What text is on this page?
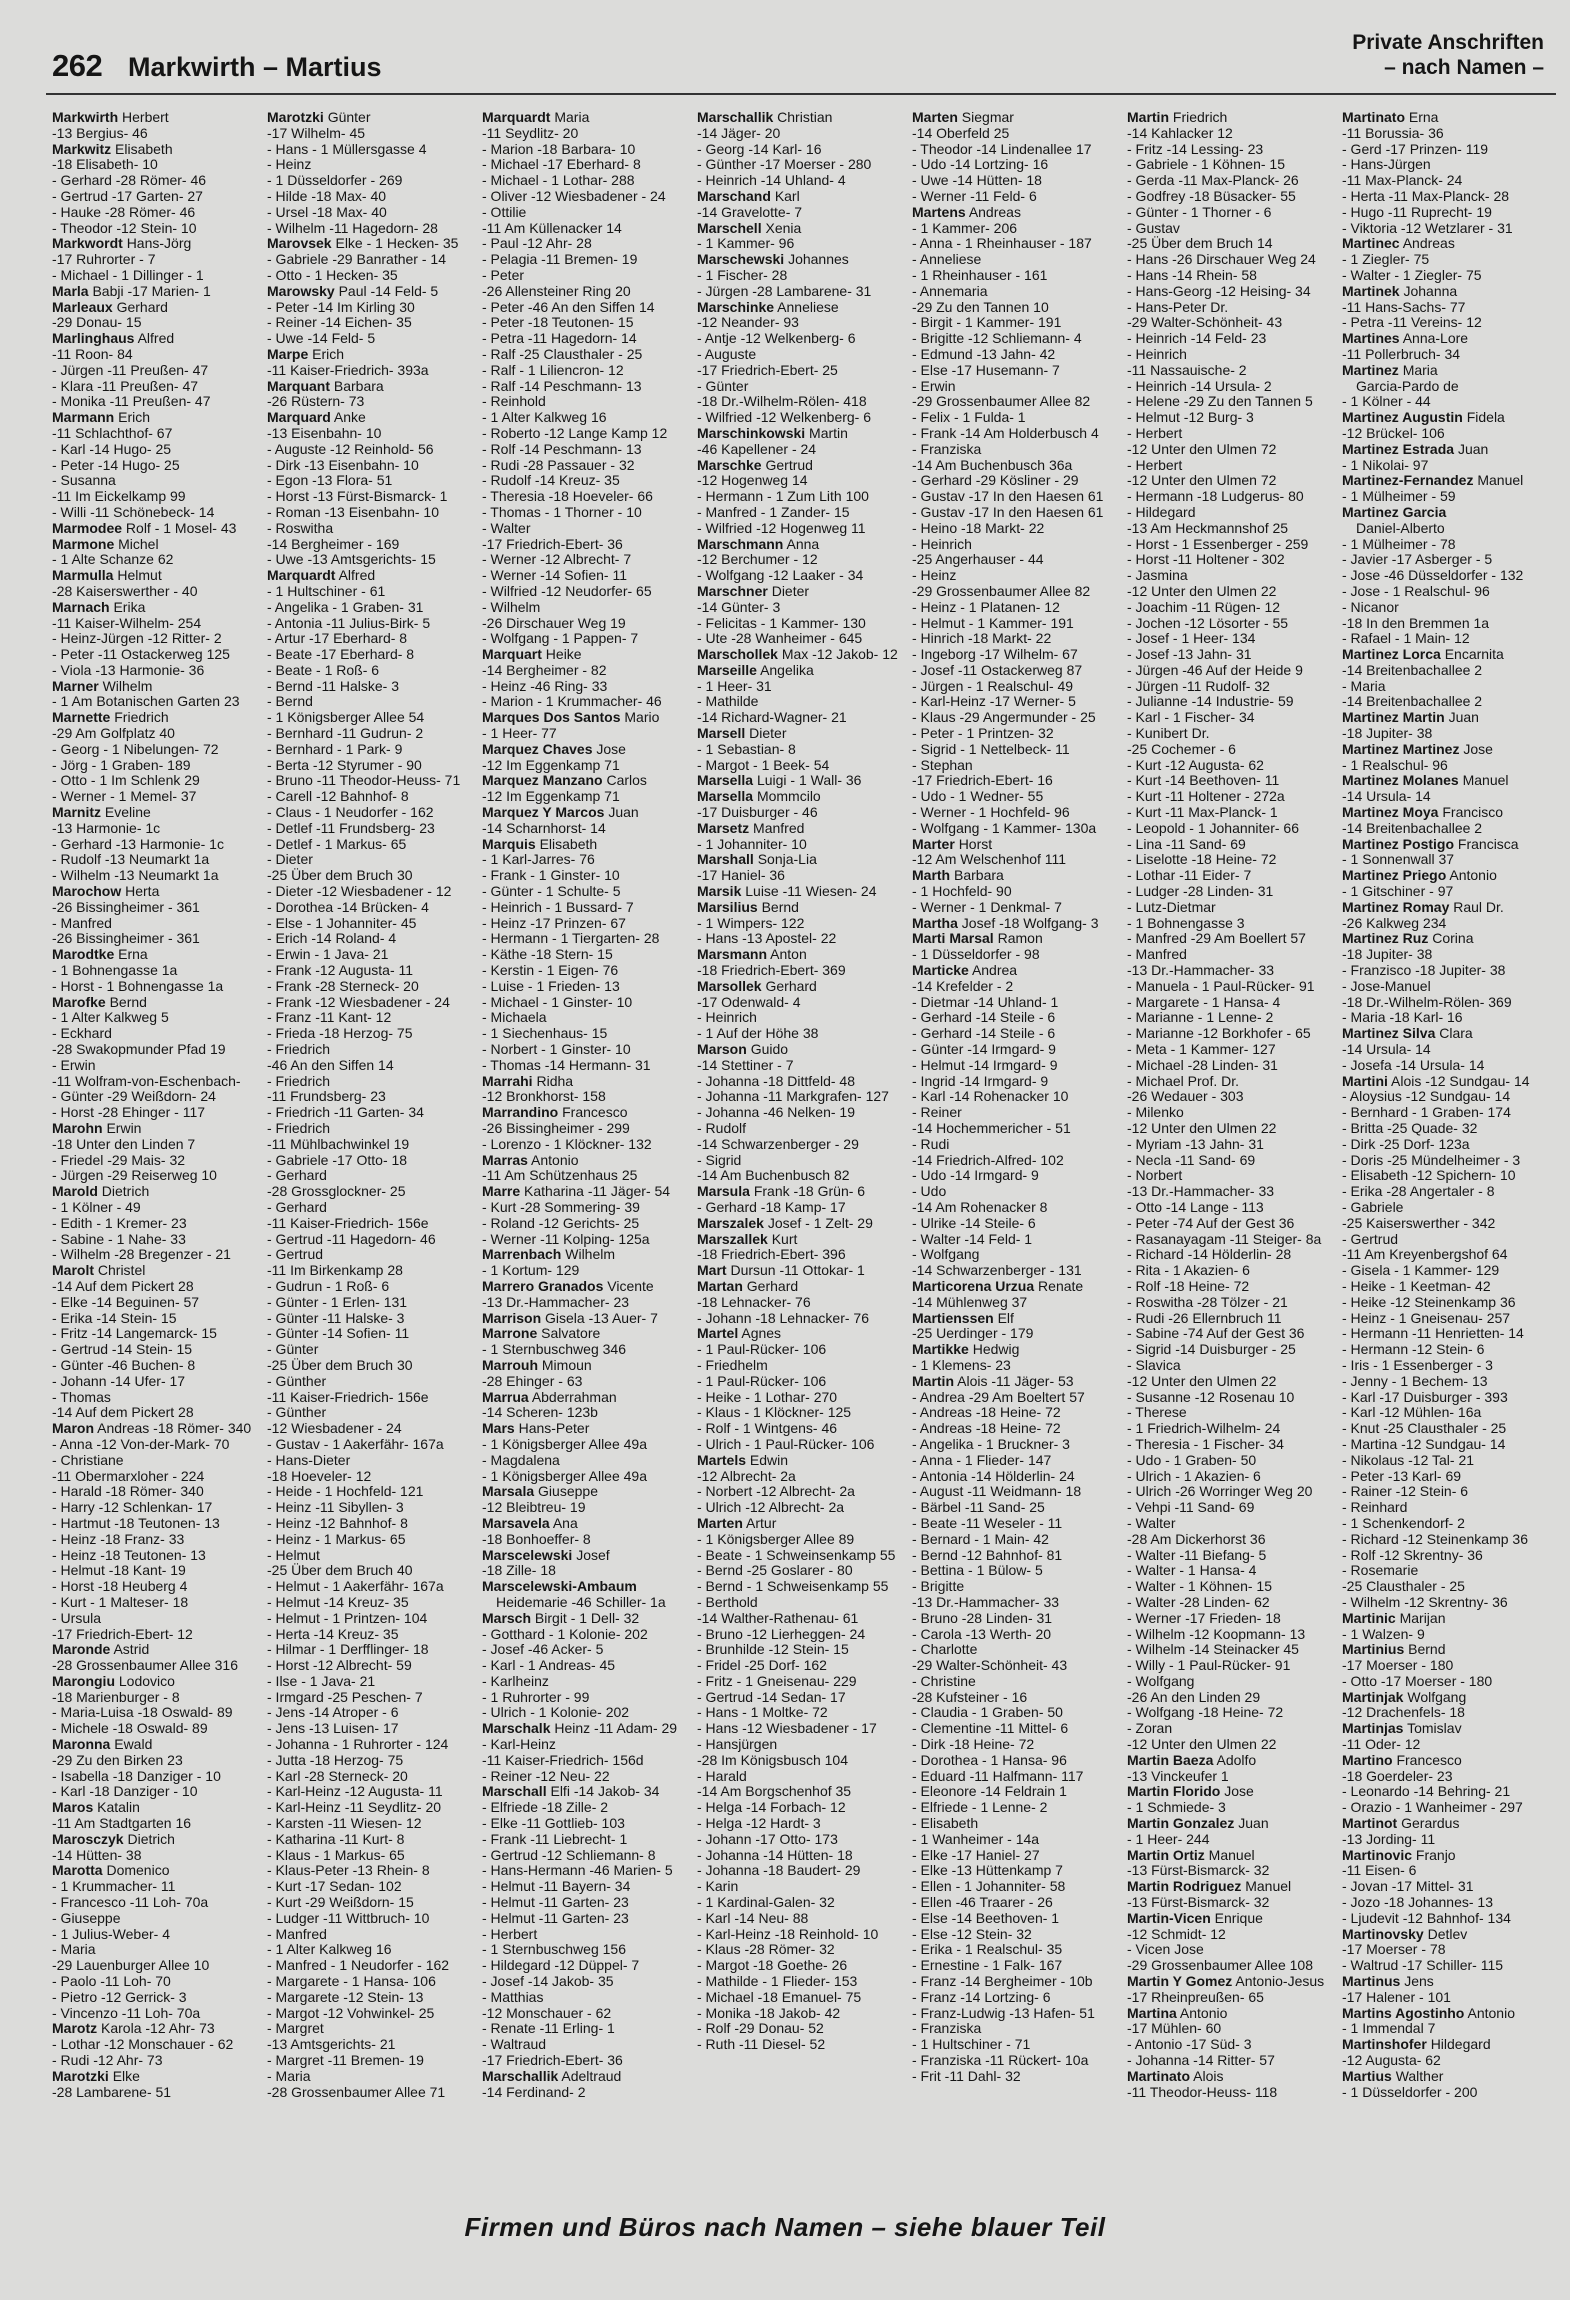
262 Markwirth – Martius
Private Anschriften
– nach Namen –
Markwirth Herbert
-13 Bergius- 46
Markwitz Elisabeth
-18 Elisabeth- 10
- Gerhard -28 Römer- 46
- Gertrud -17 Garten- 27
- Hauke -28 Römer- 46
- Theodor -12 Stein- 10
Markwordt Hans-Jörg
-17 Ruhrorter - 7
- Michael - 1 Dillinger - 1
Marla Babji -17 Marien- 1
Marleaux Gerhard
-29 Donau- 15
Marlinghaus Alfred
-11 Roon- 84
- Jürgen -11 Preußen- 47
- Klara -11 Preußen- 47
- Monika -11 Preußen- 47
Marmann Erich
-11 Schlachthof- 67
- Karl -14 Hugo- 25
- Peter -14 Hugo- 25
- Susanna
-11 Im Eickelkamp 99
- Willi -11 Schönebeck- 14
Marmodee Rolf - 1 Mosel- 43
Marmone Michel
- 1 Alte Schanze 62
Marmulla Helmut
-28 Kaiserswerther - 40
Marnach Erika
-11 Kaiser-Wilhelm- 254
- Heinz-Jürgen -12 Ritter- 2
- Peter -11 Ostackerweg 125
- Viola -13 Harmonie- 36
Marner Wilhelm
- 1 Am Botanischen Garten 23
Marnette Friedrich
-29 Am Golfplatz 40
- Georg - 1 Nibelungen- 72
- Jörg - 1 Graben- 189
- Otto - 1 Im Schlenk 29
- Werner - 1 Memel- 37
Marnitz Eveline
-13 Harmonie- 1c
- Gerhard -13 Harmonie- 1c
- Rudolf -13 Neumarkt 1a
- Wilhelm -13 Neumarkt 1a
Marochow Herta
-26 Bissingheimer - 361
- Manfred
-26 Bissingheimer - 361
Marodtke Erna
- 1 Bohnengasse 1a
- Horst - 1 Bohnengasse 1a
Marofke Bernd
- 1 Alter Kalkweg 5
- Eckhard
-28 Swakopmunder Pfad 19
- Erwin
-11 Wolfram-von-Eschenbach-
- Günter -29 Weißdorn- 24
- Horst -28 Ehinger - 117
Marohn Erwin
-18 Unter den Linden 7
- Friedel -29 Mais- 32
- Jürgen -29 Reiserweg 10
Marold Dietrich
- 1 Kölner - 49
- Edith - 1 Kremer- 23
- Sabine - 1 Nahe- 33
- Wilhelm -28 Bregenzer - 21
Marolt Christel
-14 Auf dem Pickert 28
- Elke -14 Beguinen- 57
- Erika -14 Stein- 15
- Fritz -14 Langemarck- 15
- Gertrud -14 Stein- 15
- Günter -46 Buchen- 8
- Johann -14 Ufer- 17
- Thomas
-14 Auf dem Pickert 28
Maron Andreas -18 Römer- 340
- Anna -12 Von-der-Mark- 70
- Christiane
-11 Obermarxloher - 224
- Harald -18 Römer- 340
- Harry -12 Schlenkan- 17
- Hartmut -18 Teutonen- 13
- Heinz -18 Franz- 33
- Heinz -18 Teutonen- 13
- Helmut -18 Kant- 19
- Horst -18 Heuberg 4
- Kurt - 1 Malteser- 18
- Ursula
-17 Friedrich-Ebert- 12
Maronde Astrid
-28 Grossenbaumer Allee 316
Marongiu Lodovico
-18 Marienburger - 8
- Maria-Luisa -18 Oswald- 89
- Michele -18 Oswald- 89
Maronna Ewald
-29 Zu den Birken 23
- Isabella -18 Danziger - 10
- Karl -18 Danziger - 10
Maros Katalin
-11 Am Stadtgarten 16
Marosczyk Dietrich
-14 Hütten- 38
Marotta Domenico
- 1 Krummacher- 11
- Francesco -11 Loh- 70a
- Giuseppe
- 1 Julius-Weber- 4
- Maria
-29 Lauenburger Allee 10
- Paolo -11 Loh- 70
- Pietro -12 Gerrick- 3
- Vincenzo -11 Loh- 70a
Marotz Karola -12 Ahr- 73
- Lothar -12 Monschauer - 62
- Rudi -12 Ahr- 73
Marotzki Elke
-28 Lambarene- 51
Marotzki Günter
-17 Wilhelm- 45
- Hans - 1 Müllersgasse 4
- Heinz
- 1 Düsseldorfer - 269
- Hilde -18 Max- 40
- Ursel -18 Max- 40
- Wilhelm -11 Hagedorn- 28
Marovsek Elke - 1 Hecken- 35
- Gabriele -29 Banrather - 14
- Otto - 1 Hecken- 35
Marowsky Paul -14 Feld- 5
- Peter -14 Im Kirling 30
- Reiner -14 Eichen- 35
- Uwe -14 Feld- 5
Marpe Erich
-11 Kaiser-Friedrich- 393a
Marquant Barbara
-26 Rüstern- 73
Marquard Anke
-13 Eisenbahn- 10
- Auguste -12 Reinhold- 56
- Dirk -13 Eisenbahn- 10
- Egon -13 Flora- 51
- Horst -13 Fürst-Bismarck- 1
- Roman -13 Eisenbahn- 10
- Roswitha
-14 Bergheimer - 169
- Uwe -13 Amtsgerichts- 15
Marquardt Alfred
- 1 Hultschiner - 61
- Angelika - 1 Graben- 31
- Antonia -11 Julius-Birk- 5
- Artur -17 Eberhard- 8
- Beate -17 Eberhard- 8
- Beate - 1 Roß- 6
- Bernd -11 Halske- 3
- Bernd
- 1 Königsberger Allee 54
- Bernhard -11 Gudrun- 2
- Bernhard - 1 Park- 9
- Berta -12 Styrumer - 90
- Bruno -11 Theodor-Heuss- 71
- Carell -12 Bahnhof- 8
- Claus - 1 Neudorfer - 162
- Detlef -11 Frundsberg- 23
- Detlef - 1 Markus- 65
- Dieter
-25 Über dem Bruch 30
- Dieter -12 Wiesbadener - 12
- Dorothea -14 Brücken- 4
- Else - 1 Johanniter- 45
- Erich -14 Roland- 4
- Erwin - 1 Java- 21
- Frank -12 Augusta- 11
- Frank -28 Sterneck- 20
- Frank -12 Wiesbadener - 24
- Franz -11 Kant- 12
- Frieda -18 Herzog- 75
- Friedrich
-46 An den Siffen 14
- Friedrich
-11 Frundsberg- 23
- Friedrich -11 Garten- 34
- Friedrich
-11 Mühlbachwinkel 19
- Gabriele -17 Otto- 18
- Gerhard
-28 Grossglockner- 25
- Gerhard
-11 Kaiser-Friedrich- 156e
- Gertrud -11 Hagedorn- 46
- Gertrud
-11 Im Birkenkamp 28
- Gudrun - 1 Roß- 6
- Günter - 1 Erlen- 131
- Günter -11 Halske- 3
- Günter -14 Sofien- 11
- Günter
-25 Über dem Bruch 30
- Günther
-11 Kaiser-Friedrich- 156e
- Günther
-12 Wiesbadener - 24
- Gustav - 1 Aakerfähr- 167a
- Hans-Dieter
-18 Hoeveler- 12
- Heide - 1 Hochfeld- 121
- Heinz -11 Sibyllen- 3
- Heinz -12 Bahnhof- 8
- Heinz - 1 Markus- 65
- Helmut
-25 Über dem Bruch 40
- Helmut - 1 Aakerfähr- 167a
- Helmut -14 Kreuz- 35
- Helmut - 1 Printzen- 104
- Herta -14 Kreuz- 35
- Hilmar - 1 Derfflinger- 18
- Horst -12 Albrecht- 59
- Ilse - 1 Java- 21
- Irmgard -25 Peschen- 7
- Jens -14 Atroper - 6
- Jens -13 Luisen- 17
- Johanna - 1 Ruhrorter - 124
- Jutta -18 Herzog- 75
- Karl -28 Sterneck- 20
- Karl-Heinz -12 Augusta- 11
- Karl-Heinz -11 Seydlitz- 20
- Karsten -11 Wiesen- 12
- Katharina -11 Kurt- 8
- Klaus - 1 Markus- 65
- Klaus-Peter -13 Rhein- 8
- Kurt -17 Sedan- 102
- Kurt -29 Weißdorn- 15
- Ludger -11 Wittbruch- 10
- Manfred
- 1 Alter Kalkweg 16
- Manfred - 1 Neudorfer - 162
- Margarete - 1 Hansa- 106
- Margarete -12 Stein- 13
- Margot -12 Vohwinkel- 25
- Margret
-13 Amtsgerichts- 21
- Margret -11 Bremen- 19
- Maria
-28 Grossenbaumer Allee 71
Marquardt Maria
-11 Seydlitz- 20
- Marion -18 Barbara- 10
- Michael -17 Eberhard- 8
- Michael - 1 Lothar- 288
- Oliver -12 Wiesbadener - 24
- Ottilie
-11 Am Küllenacker 14
- Paul -12 Ahr- 28
- Pelagia -11 Bremen- 19
- Peter
-26 Allensteiner Ring 20
- Peter -46 An den Siffen 14
- Peter -18 Teutonen- 15
- Petra -11 Hagedorn- 14
- Ralf -25 Clausthaler - 25
- Ralf - 1 Liliencron- 12
- Ralf -14 Peschmann- 13
- Reinhold
- 1 Alter Kalkweg 16
- Roberto -12 Lange Kamp 12
- Rolf -14 Peschmann- 13
- Rudi -28 Passauer - 32
- Rudolf -14 Kreuz- 35
- Theresia -18 Hoeveler- 66
- Thomas - 1 Thorner - 10
- Walter
-17 Friedrich-Ebert- 36
- Werner -12 Albrecht- 7
- Werner -14 Sofien- 11
- Wilfried -12 Neudorfer- 65
- Wilhelm
-26 Dirschauer Weg 19
- Wolfgang - 1 Pappen- 7
Marquart Heike
-14 Bergheimer - 82
- Heinz -46 Ring- 33
- Marion - 1 Krummacher- 46
Marques Dos Santos Mario
- 1 Heer- 77
Marquez Chaves Jose
-12 Im Eggenkamp 71
Marquez Manzano Carlos
-12 Im Eggenkamp 71
Marquez Y Marcos Juan
-14 Scharnhorst- 14
Marquis Elisabeth
- 1 Karl-Jarres- 76
- Frank - 1 Ginster- 10
- Günter - 1 Schulte- 5
- Heinrich - 1 Bussard- 7
- Heinz -17 Prinzen- 67
- Hermann - 1 Tiergarten- 28
- Käthe -18 Stern- 15
- Kerstin - 1 Eigen- 76
- Luise - 1 Frieden- 13
- Michael - 1 Ginster- 10
- Michaela
- 1 Siechenhaus- 15
- Norbert - 1 Ginster- 10
- Thomas -14 Hermann- 31
Marrahi Ridha
-12 Bronkhorst- 158
Marrandino Francesco
-26 Bissingheimer - 299
- Lorenzo - 1 Klöckner- 132
Marras Antonio
-11 Am Schützenhaus 25
Marre Katharina -11 Jäger- 54
- Kurt -28 Sommering- 39
- Roland -12 Gerichts- 25
- Werner -11 Kolping- 125a
Marrenbach Wilhelm
- 1 Kortum- 129
Marrero Granados Vicente
-13 Dr.-Hammacher- 23
Marrison Gisela -13 Auer- 7
Marrone Salvatore
- 1 Sternbuschweg 346
Marrouh Mimoun
-28 Ehinger - 63
Marrua Abderrahman
-14 Scheren- 123b
Mars Hans-Peter
- 1 Königsberger Allee 49a
- Magdalena
- 1 Königsberger Allee 49a
Marsala Giuseppe
-12 Bleibtreu- 19
Marsavela Ana
-18 Bonhoeffer- 8
Marscelewski Josef
-18 Zille- 18
Marscelewski-Ambaum
Heidemarie -46 Schiller- 1a
Marsch Birgit - 1 Dell- 32
- Gotthard - 1 Kolonie- 202
- Josef -46 Acker- 5
- Karl - 1 Andreas- 45
- Karlheinz
- 1 Ruhrorter - 99
- Ulrich - 1 Kolonie- 202
Marschalk Heinz -11 Adam- 29
- Karl-Heinz
-11 Kaiser-Friedrich- 156d
- Reiner -12 Neu- 22
Marschall Elfi -14 Jakob- 34
- Elfriede -18 Zille- 2
- Elke -11 Gottlieb- 103
- Frank -11 Liebrecht- 1
- Gertrud -12 Schliemann- 8
- Hans-Hermann -46 Marien- 5
- Helmut -11 Bayern- 34
- Helmut -11 Garten- 23
- Helmut -11 Garten- 23
- Herbert
- 1 Sternbuschweg 156
- Hildegard -12 Düppel- 7
- Josef -14 Jakob- 35
- Matthias
-12 Monschauer - 62
- Renate -11 Erling- 1
- Waltraud
-17 Friedrich-Ebert- 36
Marschallik Adeltraud
-14 Ferdinand- 2
Marschallik Christian
-14 Jäger- 20
- Georg -14 Karl- 16
- Günther -17 Moerser - 280
- Heinrich -14 Uhland- 4
Marschand Karl
-14 Gravelotte- 7
Marschell Xenia
- 1 Kammer- 96
Marschewski Johannes
- 1 Fischer- 28
- Jürgen -28 Lambarene- 31
Marschinke Anneliese
-12 Neander- 93
- Antje -12 Welkenberg- 6
- Auguste
-17 Friedrich-Ebert- 25
- Günter
-18 Dr.-Wilhelm-Rölen- 418
- Wilfried -12 Welkenberg- 6
Marschinkowski Martin
-46 Kapellener - 24
Marschke Gertrud
-12 Hogenweg 14
- Hermann - 1 Zum Lith 100
- Manfred - 1 Zander- 15
- Wilfried -12 Hogenweg 11
Marschmann Anna
-12 Berchumer - 12
- Wolfgang -12 Laaker - 34
Marschner Dieter
-14 Günter- 3
- Felicitas - 1 Kammer- 130
- Ute -28 Wanheimer - 645
Marschollek Max -12 Jakob- 12
Marseille Angelika
- 1 Heer- 31
- Mathilde
-14 Richard-Wagner- 21
Marsell Dieter
- 1 Sebastian- 8
- Margot - 1 Beek- 54
Marsella Luigi - 1 Wall- 36
Marsella Mommcilo
-17 Duisburger - 46
Marsetz Manfred
- 1 Johanniter- 10
Marshall Sonja-Lia
-17 Haniel- 36
Marsik Luise -11 Wiesen- 24
Marsilius Bernd
- 1 Wimpers- 122
- Hans -13 Apostel- 22
Marsmann Anton
-18 Friedrich-Ebert- 369
Marsollek Gerhard
-17 Odenwald- 4
- Heinrich
- 1 Auf der Höhe 38
Marson Guido
-14 Stettiner - 7
- Johanna -18 Dittfeld- 48
- Johanna -11 Markgrafen- 127
- Johanna -46 Nelken- 19
- Rudolf
-14 Schwarzenberger - 29
- Sigrid
-14 Am Buchenbusch 82
Marsula Frank -18 Grün- 6
- Gerhard -18 Kamp- 17
Marszalek Josef - 1 Zelt- 29
Marszallek Kurt
-18 Friedrich-Ebert- 396
Mart Dursun -11 Ottokar- 1
Martan Gerhard
-18 Lehnacker- 76
- Johann -18 Lehnacker- 76
Martel Agnes
- 1 Paul-Rücker- 106
- Friedhelm
- 1 Paul-Rücker- 106
- Heike - 1 Lothar- 270
- Klaus - 1 Klöckner- 125
- Rolf - 1 Wintgens- 46
- Ulrich - 1 Paul-Rücker- 106
Martels Edwin
-12 Albrecht- 2a
- Norbert -12 Albrecht- 2a
- Ulrich -12 Albrecht- 2a
Marten Artur
- 1 Königsberger Allee 89
- Beate - 1 Schweinsenkamp 55
- Bernd -25 Goslarer - 80
- Bernd - 1 Schweisenkamp 55
- Berthold
-14 Walther-Rathenau- 61
- Bruno -12 Lierheggen- 24
- Brunhilde -12 Stein- 15
- Fridel -25 Dorf- 162
- Fritz - 1 Gneisenau- 229
- Gertrud -14 Sedan- 17
- Hans - 1 Moltke- 72
- Hans -12 Wiesbadener - 17
- Hansjürgen
-28 Im Königsbusch 104
- Harald
-14 Am Borgschenhof 35
- Helga -14 Forbach- 12
- Helga -12 Hardt- 3
- Johann -17 Otto- 173
- Johanna -14 Hütten- 18
- Johanna -18 Baudert- 29
- Karin
- 1 Kardinal-Galen- 32
- Karl -14 Neu- 88
- Karl-Heinz -18 Reinhold- 10
- Klaus -28 Römer- 32
- Margot -18 Goethe- 26
- Mathilde - 1 Flieder- 153
- Michael -18 Emanuel- 75
- Monika -18 Jakob- 42
- Rolf -29 Donau- 52
- Ruth -11 Diesel- 52
Marten Siegmar
-14 Oberfeld 25
- Theodor -14 Lindenallee 17
- Udo -14 Lortzing- 16
- Uwe -14 Hütten- 18
- Werner -11 Feld- 6
Martens Andreas
- 1 Kammer- 206
- Anna - 1 Rheinhauser - 187
- Anneliese
- 1 Rheinhauser - 161
- Annemaria
-29 Zu den Tannen 10
- Birgit - 1 Kammer- 191
- Brigitte -12 Schliemann- 4
- Edmund -13 Jahn- 42
- Else -17 Husemann- 7
- Erwin
-29 Grossenbaumer Allee 82
- Felix - 1 Fulda- 1
- Frank -14 Am Holderbusch 4
- Franziska
-14 Am Buchenbusch 36a
- Gerhard -29 Kösliner - 29
- Gustav -17 In den Haesen 61
- Gustav -17 In den Haesen 61
- Heino -18 Markt- 22
- Heinrich
-25 Angerhauser - 44
- Heinz
-29 Grossenbaumer Allee 82
- Heinz - 1 Platanen- 12
- Helmut - 1 Kammer- 191
- Hinrich -18 Markt- 22
- Ingeborg -17 Wilhelm- 67
- Josef -11 Ostackerweg 87
- Jürgen - 1 Realschul- 49
- Karl-Heinz -17 Werner- 5
- Klaus -29 Angermunder - 25
- Peter - 1 Printzen- 32
- Sigrid - 1 Nettelbeck- 11
- Stephan
-17 Friedrich-Ebert- 16
- Udo - 1 Wedner- 55
- Werner - 1 Hochfeld- 96
- Wolfgang - 1 Kammer- 130a
Marter Horst
-12 Am Welschenhof 111
Marth Barbara
- 1 Hochfeld- 90
- Werner - 1 Denkmal- 7
Martha Josef -18 Wolfgang- 3
Marti Marsal Ramon
- 1 Düsseldorfer - 98
Marticke Andrea
-14 Krefelder - 2
- Dietmar -14 Uhland- 1
- Gerhard -14 Steile - 6
- Gerhard -14 Steile - 6
- Günter -14 Irmgard- 9
- Helmut -14 Irmgard- 9
- Ingrid -14 Irmgard- 9
- Karl -14 Rohenacker 10
- Reiner
-14 Hochemmericher - 51
- Rudi
-14 Friedrich-Alfred- 102
- Udo -14 Irmgard- 9
- Udo
-14 Am Rohenacker 8
- Ulrike -14 Steile- 6
- Walter -14 Feld- 1
- Wolfgang
-14 Schwarzenberger - 131
Marticorena Urzua Renate
-14 Mühlenweg 37
Martienssen Elf
-25 Uerdinger - 179
Martikke Hedwig
- 1 Klemens- 23
Martin Alois -11 Jäger- 53
- Andrea -29 Am Boeltert 57
- Andreas -18 Heine- 72
- Andreas -18 Heine- 72
- Angelika - 1 Bruckner- 3
- Anna - 1 Flieder- 147
- Antonia -14 Hölderlin- 24
- August -11 Weidmann- 18
- Bärbel -11 Sand- 25
- Beate -11 Weseler - 11
- Bernard - 1 Main- 42
- Bernd -12 Bahnhof- 81
- Bettina - 1 Bülow- 5
- Brigitte
-13 Dr.-Hammacher- 33
- Bruno -28 Linden- 31
- Carola -13 Werth- 20
- Charlotte
-29 Walter-Schönheit- 43
- Christine
-28 Kufsteiner - 16
- Claudia - 1 Graben- 50
- Clementine -11 Mittel- 6
- Dirk -18 Heine- 72
- Dorothea - 1 Hansa- 96
- Eduard -11 Halfmann- 117
- Eleonore -14 Feldrain 1
- Elfriede - 1 Lenne- 2
- Elisabeth
- 1 Wanheimer - 14a
- Elke -17 Haniel- 27
- Elke -13 Hüttenkamp 7
- Ellen - 1 Johanniter- 58
- Ellen -46 Traarer - 26
- Else -14 Beethoven- 1
- Else -12 Stein- 32
- Erika - 1 Realschul- 35
- Ernestine - 1 Falk- 167
- Franz -14 Bergheimer - 10b
- Franz -14 Lortzing- 6
- Franz-Ludwig -13 Hafen- 51
- Franziska
- 1 Hultschiner - 71
- Franziska -11 Rückert- 10a
- Frit -11 Dahl- 32
Martin Friedrich
-14 Kahlacker 12
- Fritz -14 Lessing- 23
- Gabriele - 1 Köhnen- 15
- Gerda -11 Max-Planck- 26
- Godfrey -18 Büsacker- 55
- Günter - 1 Thorner - 6
- Gustav
-25 Über dem Bruch 14
- Hans -26 Dirschauer Weg 24
- Hans -14 Rhein- 58
- Hans-Georg -12 Heising- 34
- Hans-Peter Dr.
-29 Walter-Schönheit- 43
- Heinrich -14 Feld- 23
- Heinrich
-11 Nassauische- 2
- Heinrich -14 Ursula- 2
- Helene -29 Zu den Tannen 5
- Helmut -12 Burg- 3
- Herbert
-12 Unter den Ulmen 72
- Herbert
-12 Unter den Ulmen 72
- Hermann -18 Ludgerus- 80
- Hildegard
-13 Am Heckmannshof 25
- Horst - 1 Essenberger - 259
- Horst -11 Holtener - 302
- Jasmina
-12 Unter den Ulmen 22
- Joachim -11 Rügen- 12
- Jochen -12 Lösorter - 55
- Josef - 1 Heer- 134
- Josef -13 Jahn- 31
- Jürgen -46 Auf der Heide 9
- Jürgen -11 Rudolf- 32
- Julianne -14 Industrie- 59
- Karl - 1 Fischer- 34
- Kunibert Dr.
-25 Cochemer - 6
- Kurt -12 Augusta- 62
- Kurt -14 Beethoven- 11
- Kurt -11 Holtener - 272a
- Kurt -11 Max-Planck- 1
- Leopold - 1 Johanniter- 66
- Lina -11 Sand- 69
- Liselotte -18 Heine- 72
- Lothar -11 Eider- 7
- Ludger -28 Linden- 31
- Lutz-Dietmar
- 1 Bohnengasse 3
- Manfred -29 Am Boellert 57
- Manfred
-13 Dr.-Hammacher- 33
- Manuela - 1 Paul-Rücker- 91
- Margarete - 1 Hansa- 4
- Marianne - 1 Lenne- 2
- Marianne -12 Borkhofer - 65
- Meta - 1 Kammer- 127
- Michael -28 Linden- 31
- Michael Prof. Dr.
-26 Wedauer - 303
- Milenko
-12 Unter den Ulmen 22
- Myriam -13 Jahn- 31
- Necla -11 Sand- 69
- Norbert
-13 Dr.-Hammacher- 33
- Otto -14 Lange - 113
- Peter -74 Auf der Gest 36
- Rasanayagam -11 Steiger- 8a
- Richard -14 Hölderlin- 28
- Rita - 1 Akazien- 6
- Rolf -18 Heine- 72
- Roswitha -28 Tölzer - 21
- Rudi -26 Ellernbruch 11
- Sabine -74 Auf der Gest 36
- Sigrid -14 Duisburger - 25
- Slavica
-12 Unter den Ulmen 22
- Susanne -12 Rosenau 10
- Therese
- 1 Friedrich-Wilhelm- 24
- Theresia - 1 Fischer- 34
- Udo - 1 Graben- 50
- Ulrich - 1 Akazien- 6
- Ulrich -26 Worringer Weg 20
- Vehpi -11 Sand- 69
- Walter
-28 Am Dickerhorst 36
- Walter -11 Biefang- 5
- Walter - 1 Hansa- 4
- Walter - 1 Köhnen- 15
- Walter -28 Linden- 62
- Werner -17 Frieden- 18
- Wilhelm -12 Koopmann- 13
- Wilhelm -14 Steinacker 45
- Willy - 1 Paul-Rücker- 91
- Wolfgang
-26 An den Linden 29
- Wolfgang -18 Heine- 72
- Zoran
-12 Unter den Ulmen 22
Martin Baeza Adolfo
-13 Vinckeufer 1
Martin Florido Jose
- 1 Schmiede- 3
Martin Gonzalez Juan
- 1 Heer- 244
Martin Ortiz Manuel
-13 Fürst-Bismarck- 32
Martin Rodriguez Manuel
-13 Fürst-Bismarck- 32
Martin-Vicen Enrique
-12 Schmidt- 12
- Vicen Jose
-29 Grossenbaumer Allee 108
Martin Y Gomez Antonio-Jesus
-17 Rheinpreußen- 65
Martina Antonio
-17 Mühlen- 60
- Antonio -17 Süd- 3
- Johanna -14 Ritter- 57
Martinato Alois
-11 Theodor-Heuss- 118
Martinato Erna
-11 Borussia- 36
- Gerd -17 Prinzen- 119
- Hans-Jürgen
-11 Max-Planck- 24
- Herta -11 Max-Planck- 28
- Hugo -11 Ruprecht- 19
- Viktoria -12 Wetzlarer - 31
Martinec Andreas
- 1 Ziegler- 75
- Walter - 1 Ziegler- 75
Martinek Johanna
-11 Hans-Sachs- 77
- Petra -11 Vereins- 12
Martines Anna-Lore
-11 Pollerbruch- 34
Martinez Maria
Garcia-Pardo de
- 1 Kölner - 44
Martinez Augustin Fidela
-12 Brückel- 106
Martinez Estrada Juan
- 1 Nikolai- 97
Martinez-Fernandez Manuel
- 1 Mülheimer - 59
Martinez Garcia
Daniel-Alberto
- 1 Mülheimer - 78
- Javier -17 Asberger - 5
- Jose -46 Düsseldorfer - 132
- Jose - 1 Realschul- 96
- Nicanor
-18 In den Bremmen 1a
- Rafael - 1 Main- 12
Martinez Lorca Encarnita
-14 Breitenbachallee 2
- Maria
-14 Breitenbachallee 2
Martinez Martin Juan
-18 Jupiter- 38
Martinez Martinez Jose
- 1 Realschul- 96
Martinez Molanes Manuel
-14 Ursula- 14
Martinez Moya Francisco
-14 Breitenbachallee 2
Martinez Postigo Francisca
- 1 Sonnenwall 37
Martinez Priego Antonio
- 1 Gitschiner - 97
Martinez Romay Raul Dr.
-26 Kalkweg 234
Martinez Ruz Corina
-18 Jupiter- 38
- Franzisco -18 Jupiter- 38
- Jose-Manuel
-18 Dr.-Wilhelm-Rölen- 369
- Maria -18 Karl- 16
Martinez Silva Clara
-14 Ursula- 14
- Josefa -14 Ursula- 14
Martini Alois -12 Sundgau- 14
- Aloysius -12 Sundgau- 14
- Bernhard - 1 Graben- 174
- Britta -25 Quade- 32
- Dirk -25 Dorf- 123a
- Doris -25 Mündelheimer - 3
- Elisabeth -12 Spichern- 10
- Erika -28 Angertaler - 8
- Gabriele
-25 Kaiserswerther - 342
- Gertrud
-11 Am Kreyenbergshof 64
- Gisela - 1 Kammer- 129
- Heike - 1 Keetman- 42
- Heike -12 Steinenkamp 36
- Heinz - 1 Gneisenau- 257
- Hermann -11 Henrietten- 14
- Hermann -12 Stein- 6
- Iris - 1 Essenberger - 3
- Jenny - 1 Bechem- 13
- Karl -17 Duisburger - 393
- Karl -12 Mühlen- 16a
- Knut -25 Clausthaler - 25
- Martina -12 Sundgau- 14
- Nikolaus -12 Tal- 21
- Peter -13 Karl- 69
- Rainer -12 Stein- 6
- Reinhard
- 1 Schenkendorf- 2
- Richard -12 Steinenkamp 36
- Rolf -12 Skrentny- 36
- Rosemarie
-25 Clausthaler - 25
- Wilhelm -12 Skrentny- 36
Martinic Marijan
- 1 Walzen- 9
Martinius Bernd
-17 Moerser - 180
- Otto -17 Moerser - 180
Martinjak Wolfgang
-12 Drachenfels- 18
Martinjas Tomislav
-11 Oder- 12
Martino Francesco
-18 Goerdeler- 23
- Leonardo -14 Behring- 21
- Orazio - 1 Wanheimer - 297
Martinot Gerardus
-13 Jording- 11
Martinovic Franjo
-11 Eisen- 6
- Jovan -17 Mittel- 31
- Jozo -18 Johannes- 13
- Ljudevit -12 Bahnhof- 134
Martinovsky Detlev
-17 Moerser - 78
- Waltrud -17 Schiller- 115
Martinus Jens
-17 Halener - 101
Martins Agostinho Antonio
- 1 Immendal 7
Martinshofer Hildegard
-12 Augusta- 62
Martius Walther
- 1 Düsseldorfer - 200
Firmen und Büros nach Namen – siehe blauer Teil
